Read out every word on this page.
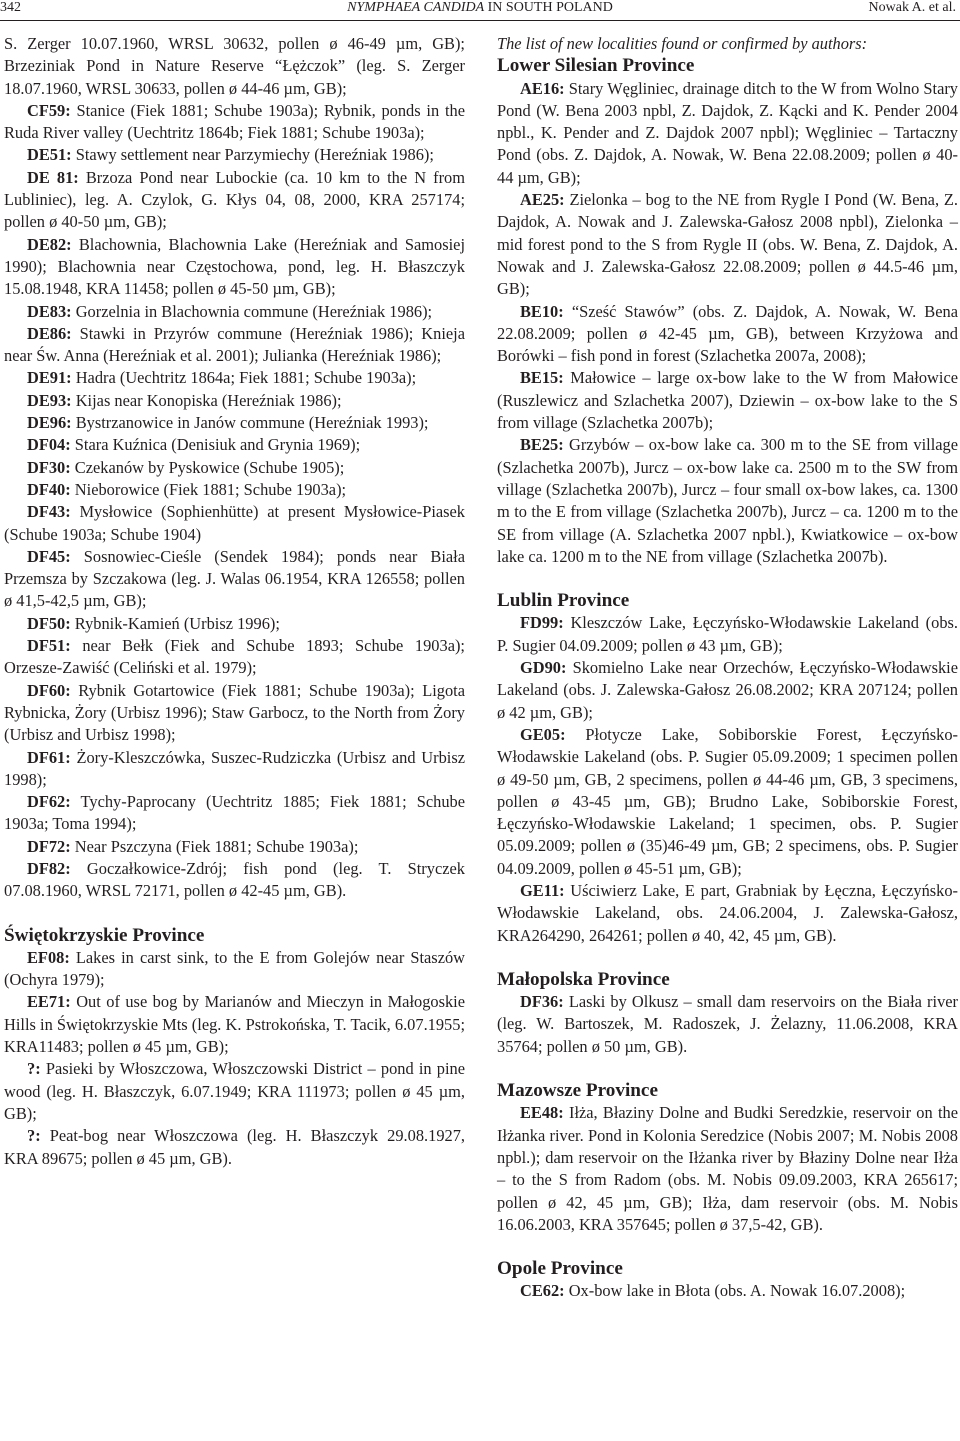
342	NYMPHAEA CANDIDA IN SOUTH POLAND	Nowak A. et al.

S. Zerger 10.07.1960, WRSL 30632, pollen ø 46-49 µm, GB); Brzeziniak Pond in Nature Reserve “Łężczok” (leg. S. Zerger 18.07.1960, WRSL 30633, pollen ø 44-46 µm, GB);

CF59: Stanice (Fiek 1881; Schube 1903a); Rybnik, ponds in the Ruda River valley (Uechtritz 1864b; Fiek 1881; Schube 1903a);

DE51: Stawy settlement near Parzymiechy (Hereźniak 1986);

DE 81: Brzoza Pond near Lubockie (ca. 10 km to the N from Lubliniec), leg. A. Czylok, G. Kłys 04, 08, 2000, KRA 257174; pollen ø 40-50 µm, GB);

DE82: Blachownia, Blachownia Lake (Hereźniak and Samosiej 1990); Blachownia near Częstochowa, pond, leg. H. Błaszczyk 15.08.1948, KRA 11458; pollen ø 45-50 µm, GB);

DE83: Gorzelnia in Blachownia commune (Hereźniak 1986);

DE86: Stawki in Przyrów commune (Hereźniak 1986); Knieja near Św. Anna (Hereźniak et al. 2001); Julianka (Hereźniak 1986);

DE91: Hadra (Uechtritz 1864a; Fiek 1881; Schube 1903a);

DE93: Kijas near Konopiska (Hereźniak 1986);

DE96: Bystrzanowice in Janów commune (Hereźniak 1993);

DF04: Stara Kuźnica (Denisiuk and Grynia 1969);

DF30: Czekanów by Pyskowice (Schube 1905);

DF40: Nieborowice (Fiek 1881; Schube 1903a);

DF43: Mysłowice (Sophienhütte) at present Mysłowice-Piasek (Schube 1903a; Schube 1904)

DF45: Sosnowiec-Cieśle (Sendek 1984); ponds near Biała Przemsza by Szczakowa (leg. J. Walas 06.1954, KRA 126558; pollen ø 41,5-42,5 µm, GB);

DF50: Rybnik-Kamień (Urbisz 1996);

DF51: near Bełk (Fiek and Schube 1893; Schube 1903a); Orzesze-Zawiść (Celiński et al. 1979);

DF60: Rybnik Gotartowice (Fiek 1881; Schube 1903a); Ligota Rybnicka, Żory (Urbisz 1996); Staw Garbocz, to the North from Żory (Urbisz and Urbisz 1998);

DF61: Żory-Kleszczówka, Suszec-Rudziczka (Urbisz and Urbisz 1998);

DF62: Tychy-Paprocany (Uechtritz 1885; Fiek 1881; Schube 1903a; Toma 1994);

DF72: Near Pszczyna (Fiek 1881; Schube 1903a);

DF82: Goczałkowice-Zdrój; fish pond (leg. T. Stryczek 07.08.1960, WRSL 72171, pollen ø 42-45 µm, GB).

Świętokrzyskie Province

EF08: Lakes in carst sink, to the E from Golejów near Staszów (Ochyra 1979);

EE71: Out of use bog by Marianów and Mieczyn in Małogoskie Hills in Świętokrzyskie Mts (leg. K. Pstrokońska, T. Tacik, 6.07.1955; KRA11483; pollen ø 45 µm, GB);

?: Pasieki by Włoszczowa, Włoszczowski District – pond in pine wood (leg. H. Błaszczyk, 6.07.1949; KRA 111973; pollen ø 45 µm, GB);

?: Peat-bog near Włoszczowa (leg. H. Błaszczyk 29.08.1927, KRA 89675; pollen ø 45 µm, GB).

The list of new localities found or confirmed by authors:

Lower Silesian Province

AE16: Stary Węgliniec, drainage ditch to the W from Wolno Stary Pond (W. Bena 2003 npbl, Z. Dajdok, Z. Kącki and K. Pender 2004 npbl., K. Pender and Z. Dajdok 2007 npbl); Węgliniec – Tartaczny Pond (obs. Z. Dajdok, A. Nowak, W. Bena 22.08.2009; pollen ø 40-44 µm, GB);

AE25: Zielonka – bog to the NE from Rygle I Pond (W. Bena, Z. Dajdok, A. Nowak and J. Zalewska-Gałosz 2008 npbl), Zielonka – mid forest pond to the S from Rygle II (obs. W. Bena, Z. Dajdok, A. Nowak and J. Zalewska-Gałosz 22.08.2009; pollen ø 44.5-46 µm, GB);

BE10: “Sześć Stawów” (obs. Z. Dajdok, A. Nowak, W. Bena 22.08.2009; pollen ø 42-45 µm, GB), between Krzyżowa and Borówki – fish pond in forest (Szlachetka 2007a, 2008);

BE15: Małowice – large ox-bow lake to the W from Małowice (Ruszlewicz and Szlachetka 2007), Dziewin – ox-bow lake to the S from village (Szlachetka 2007b);

BE25: Grzybów – ox-bow lake ca. 300 m to the SE from village (Szlachetka 2007b), Jurcz – ox-bow lake ca. 2500 m to the SW from village (Szlachetka 2007b), Jurcz – four small ox-bow lakes, ca. 1300 m to the E from village (Szlachetka 2007b), Jurcz – ca. 1200 m to the SE from village (A. Szlachetka 2007 npbl.), Kwiatkowice – ox-bow lake ca. 1200 m to the NE from village (Szlachetka 2007b).

Lublin Province

FD99: Kleszczów Lake, Łęczyńsko-Włodawskie Lakeland (obs. P. Sugier 04.09.2009; pollen ø 43 µm, GB);

GD90: Skomielno Lake near Orzechów, Łęczyńsko-Włodawskie Lakeland (obs. J. Zalewska-Gałosz 26.08.2002; KRA 207124; pollen ø 42 µm, GB);

GE05: Płotycze Lake, Sobiborskie Forest, Łęczyńsko-Włodawskie Lakeland (obs. P. Sugier 05.09.2009; 1 specimen pollen ø 49-50 µm, GB, 2 specimens, pollen ø 44-46 µm, GB, 3 specimens, pollen ø 43-45 µm, GB); Brudno Lake, Sobiborskie Forest, Łęczyńsko-Włodawskie Lakeland; 1 specimen, obs. P. Sugier 05.09.2009; pollen ø (35)46-49 µm, GB; 2 specimens, obs. P. Sugier 04.09.2009, pollen ø 45-51 µm, GB);

GE11: Uściwierz Lake, E part, Grabniak by Łęczna, Łęczyńsko-Włodawskie Lakeland, obs. 24.06.2004, J. Zalewska-Gałosz, KRA264290, 264261; pollen ø 40, 42, 45 µm, GB).

Małopolska Province

DF36: Laski by Olkusz – small dam reservoirs on the Biała river (leg. W. Bartoszek, M. Radoszek, J. Żelazny, 11.06.2008, KRA 35764; pollen ø 50 µm, GB).

Mazowsze Province

EE48: Iłża, Błaziny Dolne and Budki Seredzkie, reservoir on the Iłżanka river. Pond in Kolonia Seredzice (Nobis 2007; M. Nobis 2008 npbl.); dam reservoir on the Iłżanka river by Błaziny Dolne near Iłża – to the S from Radom (obs. M. Nobis 09.09.2003, KRA 265617; pollen ø 42, 45 µm, GB); Iłża, dam reservoir (obs. M. Nobis 16.06.2003, KRA 357645; pollen ø 37,5-42, GB).

Opole Province

CE62: Ox-bow lake in Błota (obs. A. Nowak 16.07.2008);
